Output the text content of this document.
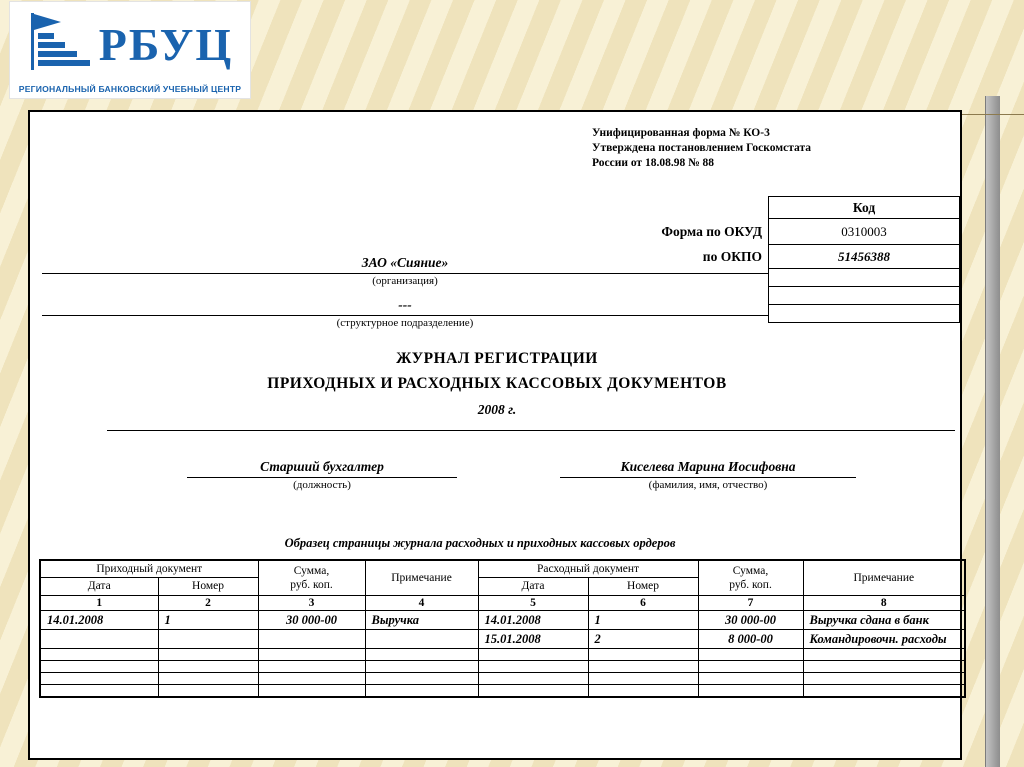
РБУЦ
РЕГИОНАЛЬНЫЙ БАНКОВСКИЙ УЧЕБНЫЙ ЦЕНТР
Унифицированная форма № КО-3
Утверждена постановлением Госкомстата
России от 18.08.98 № 88
Код
0310003
51456388

Форма по ОКУД
по ОКПО
ЗАО «Сияние»
(организация)
---
(структурное подразделение)
ЖУРНАЛ РЕГИСТРАЦИИ
ПРИХОДНЫХ И РАСХОДНЫХ КАССОВЫХ ДОКУМЕНТОВ
2008 г.
Старший бухгалтер
(должность)
Киселева Марина Иосифовна
(фамилия, имя, отчество)
Образец страницы журнала расходных и приходных кассовых ордеров
Приходный документ		Сумма,
руб. коп.	Примечание	Расходный документ		Сумма,
руб. коп.	Примечание
Дата	Номер			Дата	Номер		
1	2	3	4	5	6	7	8
14.01.2008	1	30 000-00	Выручка	14.01.2008	1	30 000-00	Выручка сдана в банк
				15.01.2008	2	8 000-00	Командировочн. расходы
